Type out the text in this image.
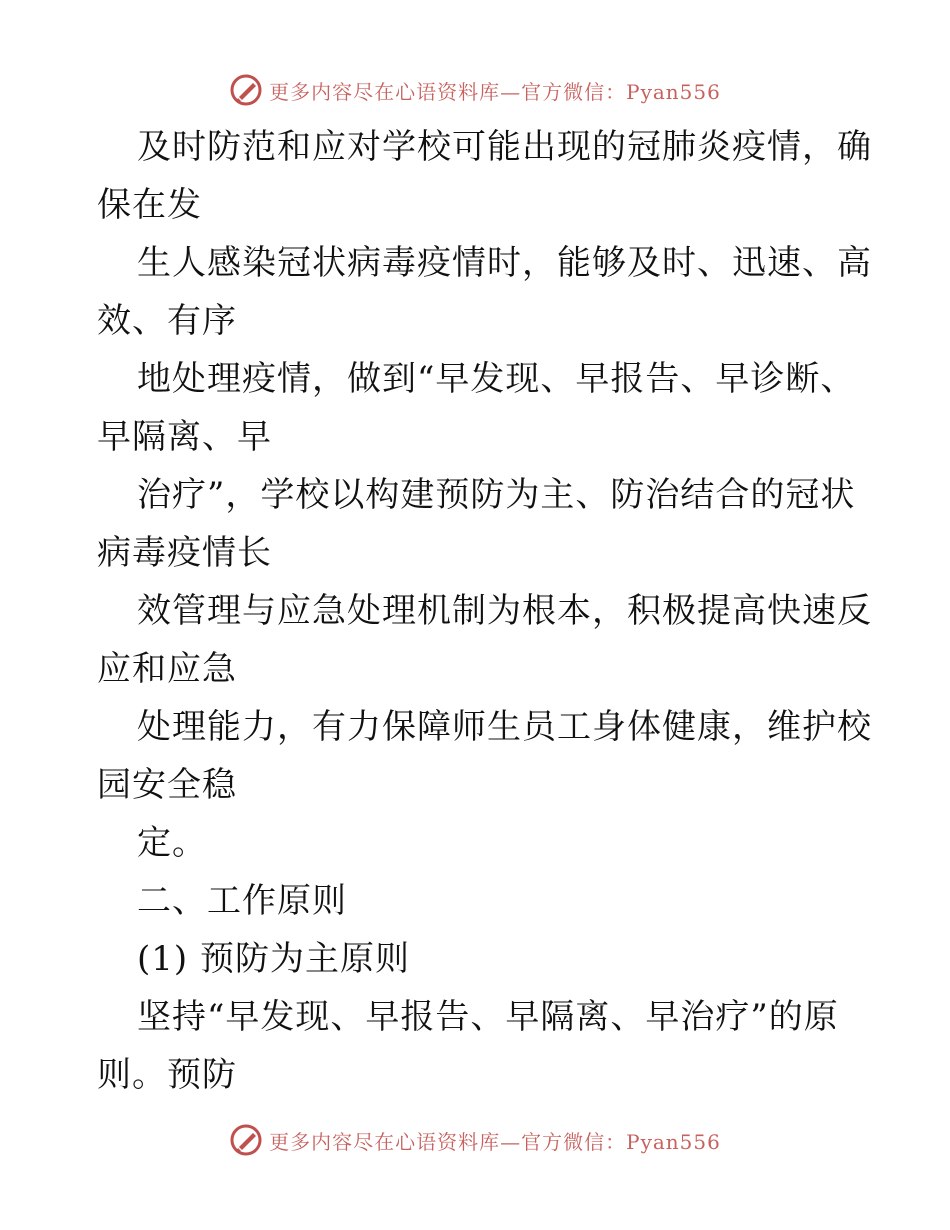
更多内容尽在心语资料库—官方微信：Pyan556
及时防范和应对学校可能出现的冠肺炎疫情，确
保在发
生人感染冠状病毒疫情时，能够及时、迅速、高
效、有序
地处理疫情，做到“早发现、早报告、早诊断、
早隔离、早
治疗”，学校以构建预防为主、防治结合的冠状
病毒疫情长
效管理与应急处理机制为根本，积极提高快速反
应和应急
处理能力，有力保障师生员工身体健康，维护校
园安全稳
定。
二、工作原则
(1) 预防为主原则
坚持“早发现、早报告、早隔离、早治疗”的原
则。预防
更多内容尽在心语资料库—官方微信：Pyan556
